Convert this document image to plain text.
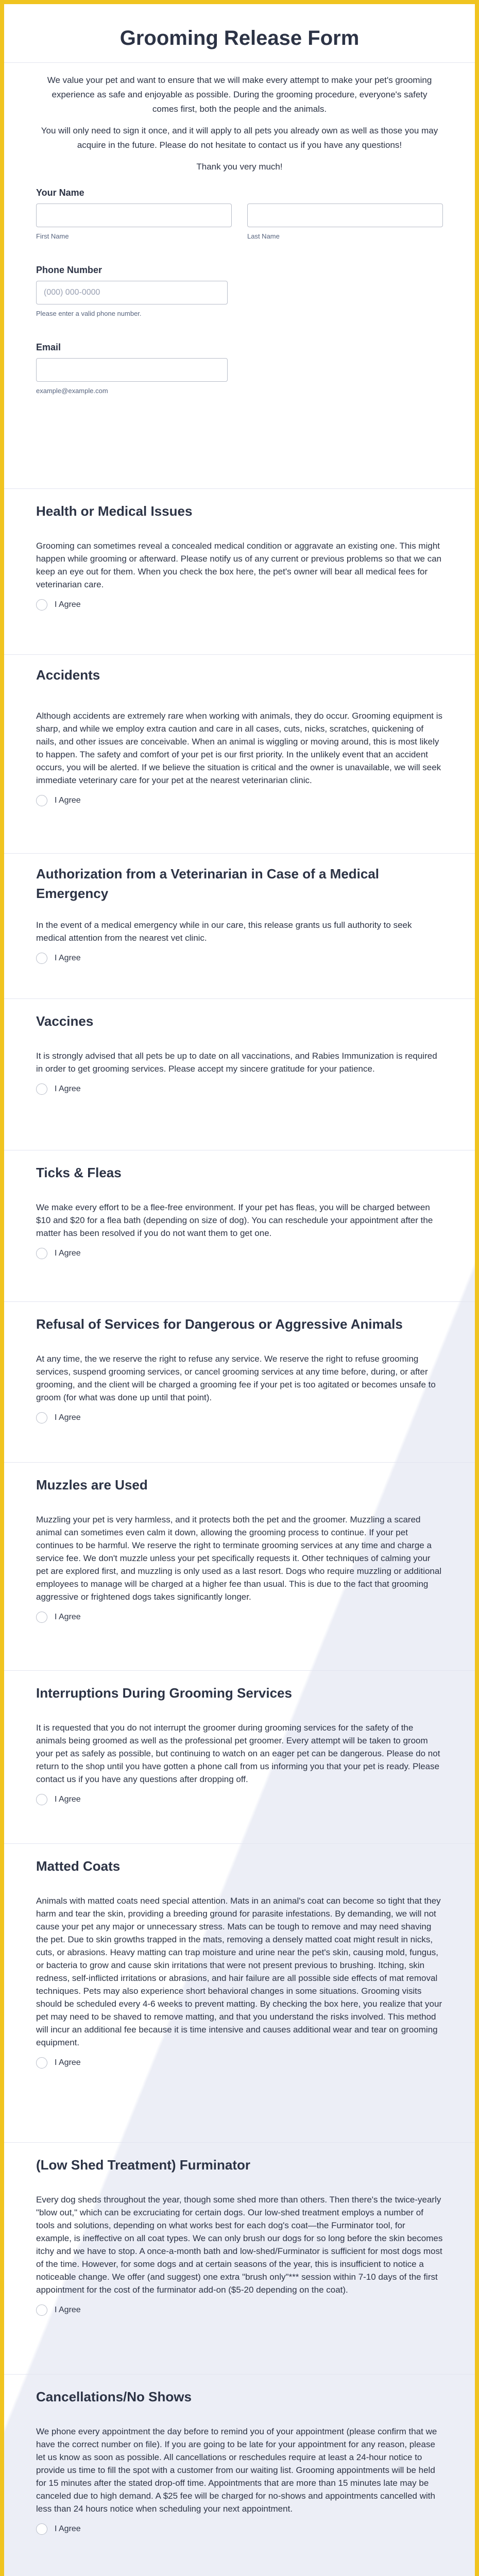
Grooming Release Form

We value your pet and want to ensure that we will make every attempt to make your pet's grooming experience as safe and enjoyable as possible. During the grooming procedure, everyone's safety comes first, both the people and the animals.

You will only need to sign it once, and it will apply to all pets you already own as well as those you may acquire in the future. Please do not hesitate to contact us if you have any questions!

Thank you very much!

Your Name
First Name	Last Name
Phone Number
(000) 000-0000
Please enter a valid phone number.
Email
example@example.com
Health or Medical Issues

Grooming can sometimes reveal a concealed medical condition or aggravate an existing one. This might happen while grooming or afterward. Please notify us of any current or previous problems so that we can keep an eye out for them. When you check the box here, the pet's owner will bear all medical fees for veterinarian care.

I Agree
Accidents

Although accidents are extremely rare when working with animals, they do occur. Grooming equipment is sharp, and while we employ extra caution and care in all cases, cuts, nicks, scratches, quickening of nails, and other issues are conceivable. When an animal is wiggling or moving around, this is most likely to happen. The safety and comfort of your pet is our first priority. In the unlikely event that an accident occurs, you will be alerted. If we believe the situation is critical and the owner is unavailable, we will seek immediate veterinary care for your pet at the nearest veterinarian clinic.

I Agree
Authorization from a Veterinarian in Case of a Medical Emergency

In the event of a medical emergency while in our care, this release grants us full authority to seek medical attention from the nearest vet clinic.

I Agree
Vaccines

It is strongly advised that all pets be up to date on all vaccinations, and Rabies Immunization is required in order to get grooming services. Please accept my sincere gratitude for your patience.

I Agree
Ticks & Fleas

We make every effort to be a flee-free environment. If your pet has fleas, you will be charged between $10 and $20 for a flea bath (depending on size of dog). You can reschedule your appointment after the matter has been resolved if you do not want them to get one.

I Agree
Refusal of Services for Dangerous or Aggressive Animals

At any time, the we reserve the right to refuse any service. We reserve the right to refuse grooming services, suspend grooming services, or cancel grooming services at any time before, during, or after grooming, and the client will be charged a grooming fee if your pet is too agitated or becomes unsafe to groom (for what was done up until that point).

I Agree
Muzzles are Used

Muzzling your pet is very harmless, and it protects both the pet and the groomer. Muzzling a scared animal can sometimes even calm it down, allowing the grooming process to continue. If your pet continues to be harmful. We reserve the right to terminate grooming services at any time and charge a service fee. We don't muzzle unless your pet specifically requests it. Other techniques of calming your pet are explored first, and muzzling is only used as a last resort. Dogs who require muzzling or additional employees to manage will be charged at a higher fee than usual. This is due to the fact that grooming aggressive or frightened dogs takes significantly longer.

I Agree
Interruptions During Grooming Services

It is requested that you do not interrupt the groomer during grooming services for the safety of the animals being groomed as well as the professional pet groomer. Every attempt will be taken to groom your pet as safely as possible, but continuing to watch on an eager pet can be dangerous. Please do not return to the shop until you have gotten a phone call from us informing you that your pet is ready. Please contact us if you have any questions after dropping off.

I Agree
Matted Coats

Animals with matted coats need special attention. Mats in an animal's coat can become so tight that they harm and tear the skin, providing a breeding ground for parasite infestations. By demanding, we will not cause your pet any major or unnecessary stress. Mats can be tough to remove and may need shaving the pet. Due to skin growths trapped in the mats, removing a densely matted coat might result in nicks, cuts, or abrasions. Heavy matting can trap moisture and urine near the pet's skin, causing mold, fungus, or bacteria to grow and cause skin irritations that were not present previous to brushing. Itching, skin redness, self-inflicted irritations or abrasions, and hair failure are all possible side effects of mat removal techniques. Pets may also experience short behavioral changes in some situations. Grooming visits should be scheduled every 4-6 weeks to prevent matting. By checking the box here, you realize that your pet may need to be shaved to remove matting, and that you understand the risks involved. This method will incur an additional fee because it is time intensive and causes additional wear and tear on grooming equipment.

I Agree
(Low Shed Treatment) Furminator

Every dog sheds throughout the year, though some shed more than others. Then there's the twice-yearly "blow out," which can be excruciating for certain dogs. Our low-shed treatment employs a number of tools and solutions, depending on what works best for each dog's coat—the Furminator tool, for example, is ineffective on all coat types. We can only brush our dogs for so long before the skin becomes itchy and we have to stop. A once-a-month bath and low-shed/Furminator is sufficient for most dogs most of the time. However, for some dogs and at certain seasons of the year, this is insufficient to notice a noticeable change. We offer (and suggest) one extra "brush only"*** session within 7-10 days of the first appointment for the cost of the furminator add-on ($5-20 depending on the coat).

I Agree
Cancellations/No Shows

We phone every appointment the day before to remind you of your appointment (please confirm that we have the correct number on file). If you are going to be late for your appointment for any reason, please let us know as soon as possible. All cancellations or reschedules require at least a 24-hour notice to provide us time to fill the spot with a customer from our waiting list. Grooming appointments will be held for 15 minutes after the stated drop-off time. Appointments that are more than 15 minutes late may be canceled due to high demand. A $25 fee will be charged for no-shows and appointments cancelled with less than 24 hours notice when scheduling your next appointment.

I Agree
